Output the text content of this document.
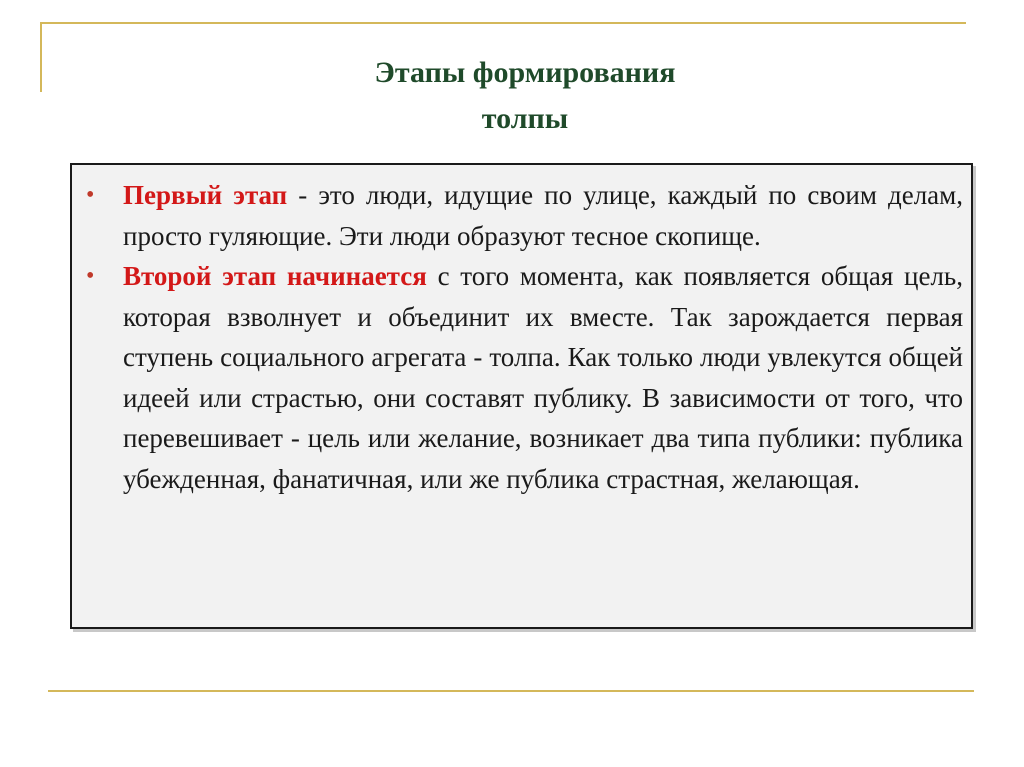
Этапы формирования
толпы
• Первый этап - это люди, идущие по улице, каждый по своим делам, просто гуляющие. Эти люди образуют тесное скопище.
• Второй этап начинается с того момента, как появляется общая цель, которая взволнует и объединит их вместе. Так зарождается первая ступень социального агрегата - толпа. Как только люди увлекутся общей идеей или страстью, они составят публику. В зависимости от того, что перевешивает - цель или желание, возникает два типа публики: публика убежденная, фанатичная, или же публика страстная, желающая.
